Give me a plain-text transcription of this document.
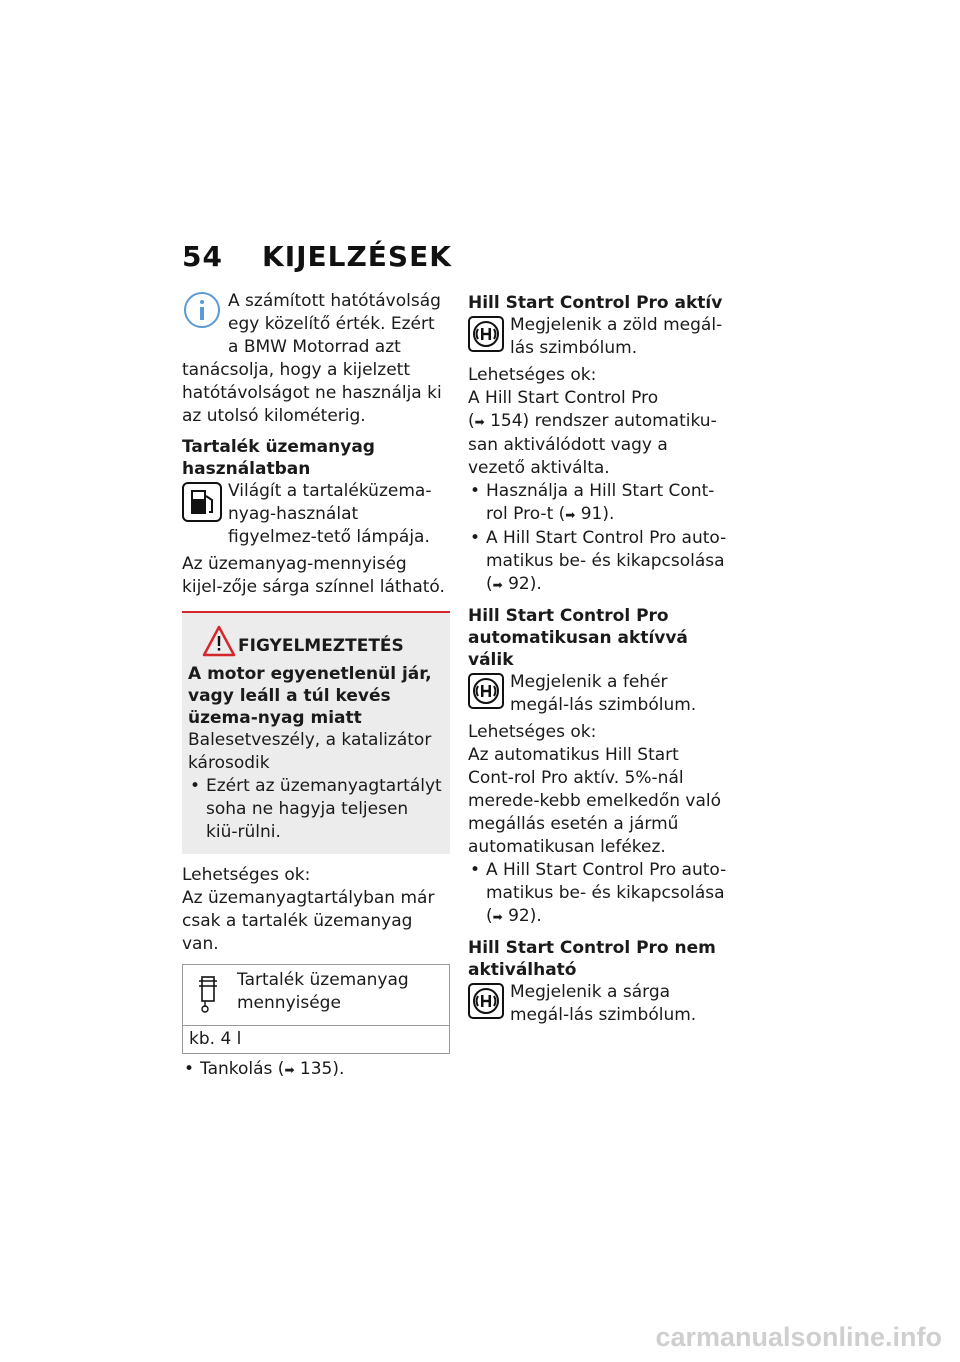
54 KIJELZÉSEK

A számított hatótávolság egy közelítő érték. Ezért a BMW Motorrad azt tanácsolja, hogy a kijelzett hatótávolságot ne használja ki az utolsó kilométerig.

Tartalék üzemanyag használatban
Világít a tartaléküzema-nyag-használat figyelmez-tető lámpája.

Az üzemanyag-mennyiség kijel-zője sárga színnel látható.

FIGYELMEZTETÉS
A motor egyenetlenül jár, vagy leáll a túl kevés üzema-nyag miatt

Balesetveszély, a katalizátor károsodik

• Ezért az üzemanyagtartályt soha ne hagyja teljesen kiü-rülni.

Lehetséges ok:

Az üzemanyagtartályban már csak a tartalék üzemanyag van.

Tartalék üzemanyag mennyisége
kb. 4 l

• Tankolás (➡ 135).

Hill Start Control Pro aktív
Megjelenik a zöld megál-lás szimbólum.

Lehetséges ok:

A Hill Start Control Pro

(➡ 154) rendszer automatiku-san aktiválódott vagy a vezető aktiválta.

• Használja a Hill Start Cont-rol Pro-t (➡ 91).

• A Hill Start Control Pro auto-matikus be- és kikapcsolása (➡ 92).

Hill Start Control Pro automatikusan aktívvá válik
Megjelenik a fehér megál-lás szimbólum.

Lehetséges ok:

Az automatikus Hill Start Cont-rol Pro aktív. 5%-nál merede-kebb emelkedőn való megállás esetén a jármű automatikusan lefékez.

• A Hill Start Control Pro auto-matikus be- és kikapcsolása (➡ 92).

Hill Start Control Pro nem aktiválható
Megjelenik a sárga megál-lás szimbólum.
carmanualsonline.info
